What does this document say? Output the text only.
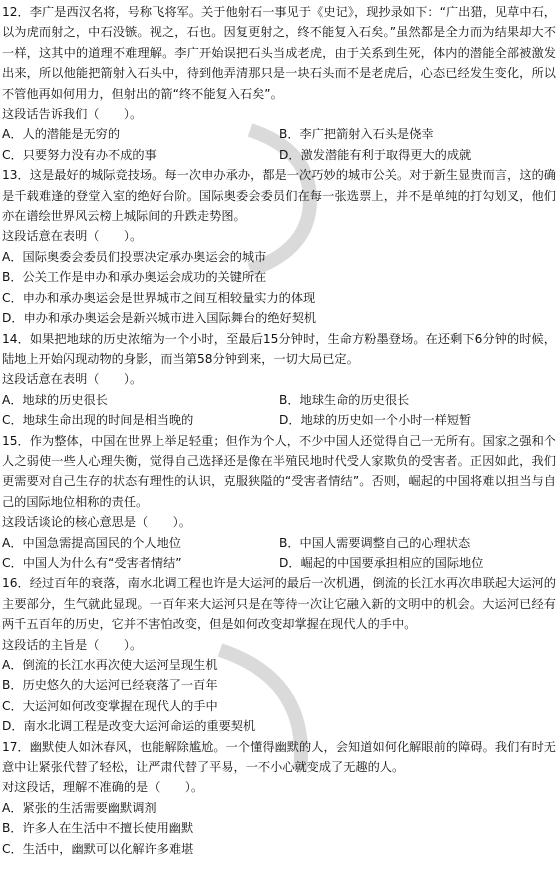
12．李广是西汉名将，号称飞将军。关于他射石一事见于《史记》，现抄录如下：“广出猎，见草中石，以为虎而射之，中石没镞。视之，石也。因复更射之，终不能复入石矣。”虽然都是全力而为结果却大不一样，这其中的道理不难理解。李广开始误把石头当成老虎，由于关系到生死，体内的潜能全部被激发出来，所以他能把箭射入石头中，待到他弄清那只是一块石头而不是老虎后，心态已经发生变化，所以不管他再如何用力，但射出的箭“终不能复入石矣”。

这段话告诉我们（　　）。

A．人的潜能是无穷的	B．李广把箭射入石头是侥幸
C．只要努力没有办不成的事	D．激发潜能有利于取得更大的成就

13．这是最好的城际竞技场。每一次申办承办，都是一次巧妙的城市公关。对于新生显贵而言，这的确是千载难逢的登堂入室的绝好台阶。国际奥委会委员们在每一张选票上，并不是单纯的打勾划叉，他们亦在谱绘世界风云榜上城际间的升跌走势图。

这段话意在表明（　　）。

A．国际奥委会委员们投票决定承办奥运会的城市

B．公关工作是申办和承办奥运会成功的关键所在

C．申办和承办奥运会是世界城市之间互相较量实力的体现

D．申办和承办奥运会是新兴城市进入国际舞台的绝好契机

14．如果把地球的历史浓缩为一个小时，至最后15分钟时，生命方粉墨登场。在还剩下6分钟的时候，陆地上开始闪现动物的身影，而当第58分钟到来，一切大局已定。

这段话意在表明（　　）。

A．地球的历史很长	B．地球生命的历史很长
C．地球生命出现的时间是相当晚的	D．地球的历史如一个小时一样短暂

15．作为整体，中国在世界上举足轻重；但作为个人，不少中国人还觉得自己一无所有。国家之强和个人之弱使一些人心理失衡，觉得自己选择还是像在半殖民地时代受人家欺负的受害者。正因如此，我们更需要对自己生存的状态有理性的认识，克服狭隘的“受害者情结”。否则，崛起的中国将难以担当与自己的国际地位相称的责任。

这段话谈论的核心意思是（　　）。

A．中国急需提高国民的个人地位	B．中国人需要调整自己的心理状态
C．中国人为什么有“受害者情结”	D．崛起的中国要承担相应的国际地位

16．经过百年的衰落，南水北调工程也许是大运河的最后一次机遇，倒流的长江水再次串联起大运河的主要部分，生气就此显现。一百年来大运河只是在等待一次让它融入新的文明中的机会。大运河已经有两千五百年的历史，它并不害怕改变，但是如何改变却掌握在现代人的手中。

这段话的主旨是（　　）。

A．倒流的长江水再次使大运河呈现生机

B．历史悠久的大运河已经衰落了一百年

C．大运河如何改变掌握在现代人的手中

D．南水北调工程是改变大运河命运的重要契机

17．幽默使人如沐春风，也能解除尴尬。一个懂得幽默的人，会知道如何化解眼前的障碍。我们有时无意中让紧张代替了轻松，让严肃代替了平易，一不小心就变成了无趣的人。

对这段话，理解不准确的是（　　）。

A．紧张的生活需要幽默调剂

B．许多人在生活中不擅长使用幽默

C．生活中，幽默可以化解许多难堪
